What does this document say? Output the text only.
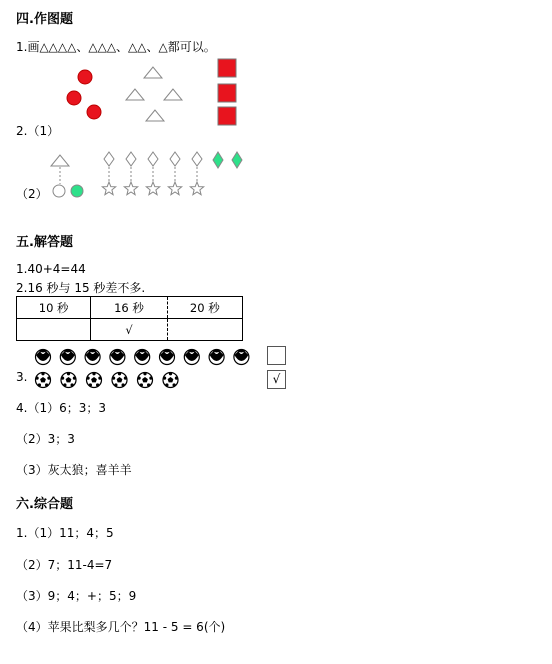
四.作图题
1.画△△△△、△△△、△△、△都可以。
2.（1）
（2）
五.解答题
1.40+4=44
2.16 秒与 15 秒差不多.
10 秒	16 秒	20 秒
	√	
3.	√
4.（1）6；3；3
（2）3；3
（3）灰太狼；喜羊羊
六.综合题
1.（1）11；4；5
（2）7；11-4=7
（3）9；4；+；5；9
（4）苹果比梨多几个？11 - 5 = 6(个)
